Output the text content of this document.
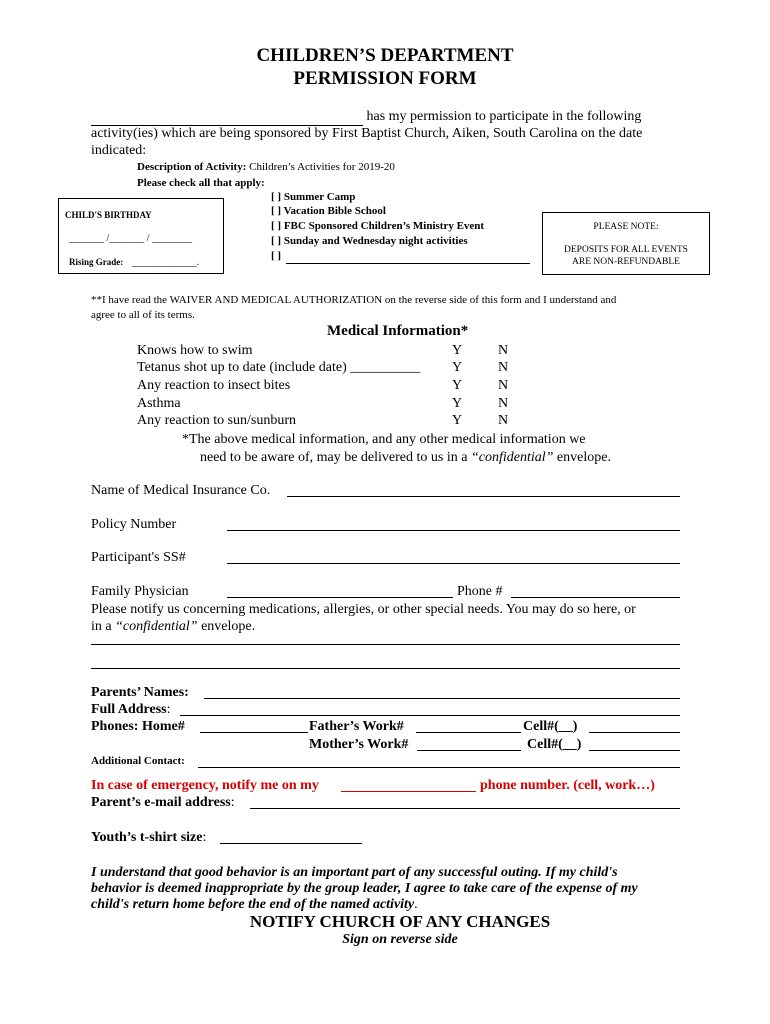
CHILDREN’S DEPARTMENT
PERMISSION FORM
has my permission to participate in the following
activity(ies) which are being sponsored by First Baptist Church, Aiken, South Carolina on the date
indicated:
Description of Activity: Children’s Activities for 2019-20
Please check all that apply:
[ ] Summer Camp
[ ] Vacation Bible School
[ ] FBC Sponsored Children’s Ministry Event
[ ] Sunday and Wednesday night activities
[ ]
CHILD'S BIRTHDAY
_______ /_______ / ________
Rising Grade: _____________.
PLEASE NOTE:
DEPOSITS FOR ALL EVENTS
ARE NON-REFUNDABLE
**I have read the WAIVER AND MEDICAL AUTHORIZATION on the reverse side of this form and I understand and
agree to all of its terms.
Medical Information*
Knows how to swim	Y	N
Tetanus shot up to date (include date) __________ Y	N
Any reaction to insect bites	Y	N
Asthma	Y	N
Any reaction to sun/sunburn	Y	N
*The above medical information, and any other medical information we
need to be aware of, may be delivered to us in a “confidential” envelope.
Name of Medical Insurance Co.
Policy Number
Participant's SS#
Family Physician	Phone #
Please notify us concerning medications, allergies, or other special needs. You may do so here, or
in a “confidential” envelope.
Parents’ Names:
Full Address:
Phones: Home#	Father’s Work#	Cell#(__)
Mother’s Work#	Cell#(__)
Additional Contact:
In case of emergency, notify me on my	phone number. (cell, work…)
Parent’s e-mail address:
Youth’s t-shirt size:
I understand that good behavior is an important part of any successful outing. If my child's
behavior is deemed inappropriate by the group leader, I agree to take care of the expense of my
child's return home before the end of the named activity.
NOTIFY CHURCH OF ANY CHANGES
Sign on reverse side
